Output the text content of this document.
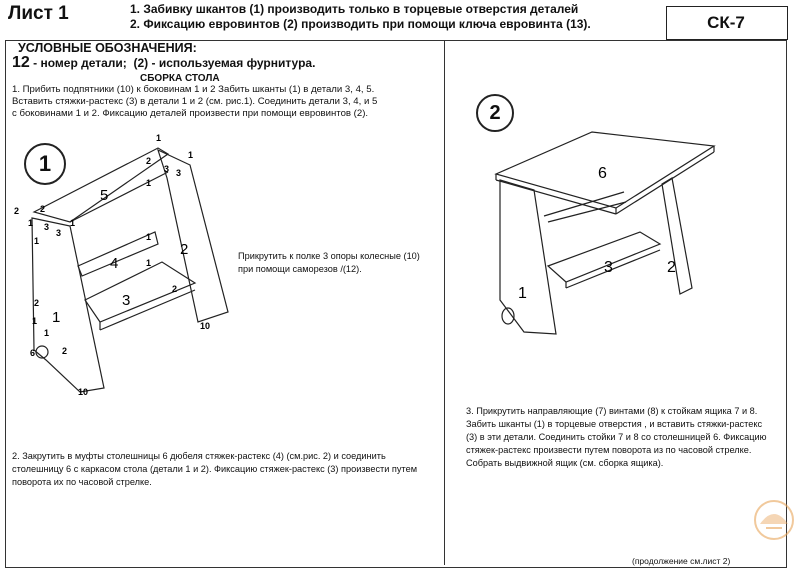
Лист 1	1. Забивку шкантов (1) производить только в торцевые отверстия деталей
2. Фиксацию евровинтов (2) производить при помощи ключа евровинта (13).	СК-7
УСЛОВНЫЕ ОБОЗНАЧЕНИЯ:
12 - номер детали; (2) - используемая фурнитура.
СБОРКА СТОЛА
1. Прибить подпятники (10) к боковинам 1 и 2 Забить шканты (1) в детали 3, 4, 5.
Вставить стяжки-растекс (3) в детали 1 и 2 (см. рис.1). Соединить детали 3, 4, и 5
с боковинами 1 и 2. Фиксацию деталей произвести при помощи евровинтов (2).
1
5
4
3
2
1
2
1
3
1
3
1
2 2
1 3
3
1
1	1
1
2
2
1
1
6	2
10
10
Прикрутить к полке 3 опоры колесные (10)
при помощи саморезов /(12).
2. Закрутить в муфты столешницы 6 дюбеля стяжек-растекс (4) (см.рис. 2) и соединить
столешницу 6 с каркасом стола (детали 1 и 2). Фиксацию стяжек-растекс (3) произвести путем
поворота их по часовой стрелке.
2
6
3	2
1
3. Прикрутить направляющие (7) винтами (8) к стойкам ящика 7 и 8.
Забить шканты (1) в торцевые отверстия , и вставить стяжки-растекс
(3) в эти детали. Соединить стойки 7 и 8 со столешницей 6. Фиксацию
стяжек-растекс произвести путем поворота из по часовой стрелке.
Собрать выдвижной ящик (см. сборка ящика).
(продолжение см.лист 2)
